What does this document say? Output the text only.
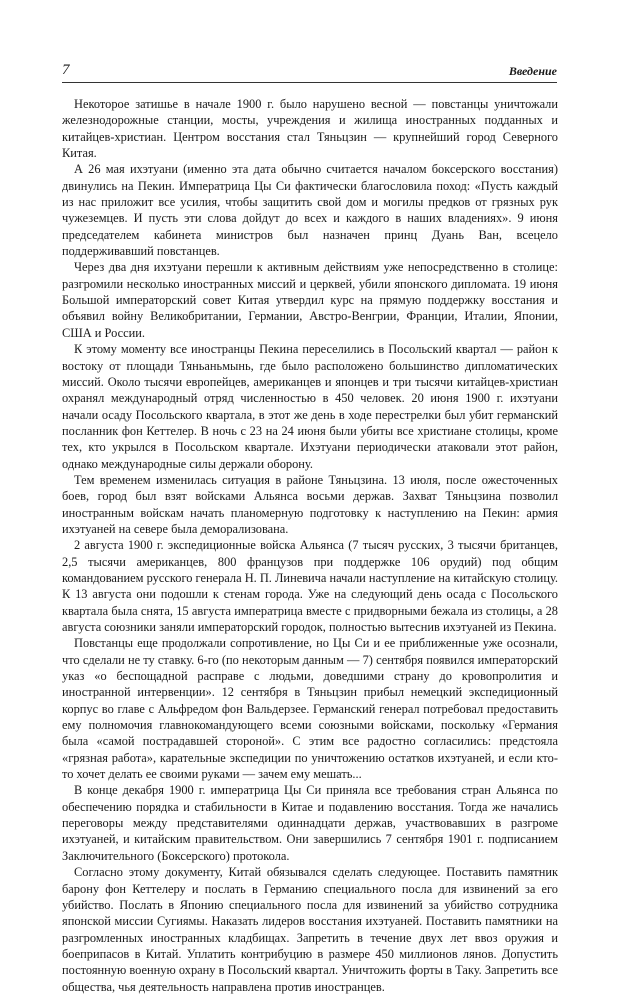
7	Введение

Некоторое затишье в начале 1900 г. было нарушено весной — повстанцы уничтожали железнодорожные станции, мосты, учреждения и жилища иностранных подданных и китайцев-христиан. Центром восстания стал Тяньцзин — крупнейший город Северного Китая.

А 26 мая ихэтуани (именно эта дата обычно считается началом боксерского восстания) двинулись на Пекин. Императрица Цы Си фактически благословила поход: «Пусть каждый из нас приложит все усилия, чтобы защитить свой дом и могилы предков от грязных рук чужеземцев. И пусть эти слова дойдут до всех и каждого в наших владениях». 9 июня председателем кабинета министров был назначен принц Дуань Ван, всецело поддерживавший повстанцев.

Через два дня ихэтуани перешли к активным действиям уже непосредственно в столице: разгромили несколько иностранных миссий и церквей, убили японского дипломата. 19 июня Большой императорский совет Китая утвердил курс на прямую поддержку восстания и объявил войну Великобритании, Германии, Австро-Венгрии, Франции, Италии, Японии, США и России.

К этому моменту все иностранцы Пекина переселились в Посольский квартал — район к востоку от площади Тяньаньмынь, где было расположено большинство дипломатических миссий. Около тысячи европейцев, американцев и японцев и три тысячи китайцев-христиан охранял международный отряд численностью в 450 человек. 20 июня 1900 г. ихэтуани начали осаду Посольского квартала, в этот же день в ходе перестрелки был убит германский посланник фон Кеттелер. В ночь с 23 на 24 июня были убиты все христиане столицы, кроме тех, кто укрылся в Посольском квартале. Ихэтуани периодически атаковали этот район, однако международные силы держали оборону.

Тем временем изменилась ситуация в районе Тяньцзина. 13 июля, после ожесточенных боев, город был взят войсками Альянса восьми держав. Захват Тяньцзина позволил иностранным войскам начать планомерную подготовку к наступлению на Пекин: армия ихэтуаней на севере была деморализована.

2 августа 1900 г. экспедиционные войска Альянса (7 тысяч русских, 3 тысячи британцев, 2,5 тысячи американцев, 800 французов при поддержке 106 орудий) под общим командованием русского генерала Н. П. Линевича начали наступление на китайскую столицу. К 13 августа они подошли к стенам города. Уже на следующий день осада с Посольского квартала была снята, 15 августа императрица вместе с придворными бежала из столицы, а 28 августа союзники заняли императорский городок, полностью вытеснив ихэтуаней из Пекина.

Повстанцы еще продолжали сопротивление, но Цы Си и ее приближенные уже осознали, что сделали не ту ставку. 6-го (по некоторым данным — 7) сентября появился императорский указ «о беспощадной расправе с людьми, доведшими страну до кровопролития и иностранной интервенции». 12 сентября в Тяньцзин прибыл немецкий экспедиционный корпус во главе с Альфредом фон Вальдерзее. Германский генерал потребовал предоставить ему полномочия главнокомандующего всеми союзными войсками, поскольку «Германия была «самой пострадавшей стороной». С этим все радостно согласились: предстояла «грязная работа», карательные экспедиции по уничтожению остатков ихэтуаней, и если кто-то хочет делать ее своими руками — зачем ему мешать...

В конце декабря 1900 г. императрица Цы Си приняла все требования стран Альянса по обеспечению порядка и стабильности в Китае и подавлению восстания. Тогда же начались переговоры между представителями одиннадцати держав, участвовавших в разгроме ихэтуаней, и китайским правительством. Они завершились 7 сентября 1901 г. подписанием Заключительного (Боксерского) протокола.

Согласно этому документу, Китай обязывался сделать следующее. Поставить памятник барону фон Кеттелеру и послать в Германию специального посла для извинений за его убийство. Послать в Японию специального посла для извинений за убийство сотрудника японской миссии Сугиямы. Наказать лидеров восстания ихэтуаней. Поставить памятники на разгромленных иностранных кладбищах. Запретить в течение двух лет ввоз оружия и боеприпасов в Китай. Уплатить контрибуцию в размере 450 миллионов лянов. Допустить постоянную военную охрану в Посольский квартал. Уничтожить форты в Таку. Запретить все общества, чья деятельность направлена против иностранцев.
